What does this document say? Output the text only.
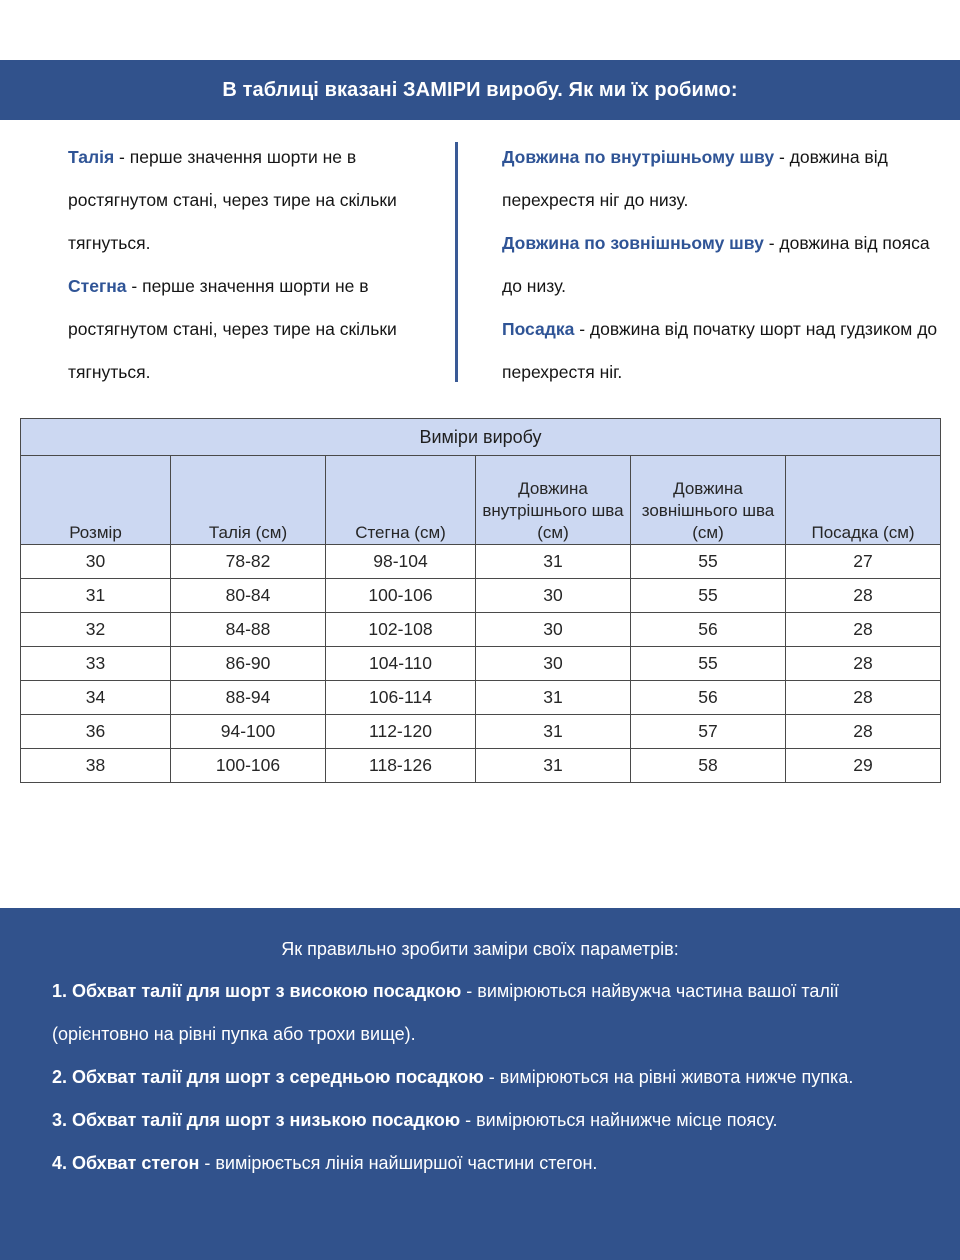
В таблиці вказані ЗАМІРИ виробу. Як ми їх робимо:

Талія - перше значення шорти не в ростягнутом стані, через тире на скільки тягнуться.

Стегна - перше значення шорти не в ростягнутом стані, через тире на скільки тягнуться.

Довжина по внутрішньому шву - довжина від перехрестя ніг до низу.

Довжина по зовнішньому шву - довжина від пояса до низу.

Посадка - довжина від початку шорт над гудзиком до перехрестя ніг.

Виміри виробу					
Розмір	Талія (см)	Стегна (см)	Довжина внутрішнього шва (см)	Довжина зовнішнього шва (см)	Посадка (см)
30	78-82	98-104	31	55	27
31	80-84	100-106	30	55	28
32	84-88	102-108	30	56	28
33	86-90	104-110	30	55	28
34	88-94	106-114	31	56	28
36	94-100	112-120	31	57	28
38	100-106	118-126	31	58	29
Як правильно зробити заміри своїх параметрів:

1. Обхват талії для шорт з високою посадкою - вимірюються найвужча частина вашої талії (орієнтовно на рівні пупка або трохи вище).

2. Обхват талії для шорт з середньою посадкою - вимірюються на рівні живота нижче пупка.

3. Обхват талії для шорт з низькою посадкою - вимірюються найнижче місце поясу.

4. Обхват стегон - вимірюється лінія найширшої частини стегон.
